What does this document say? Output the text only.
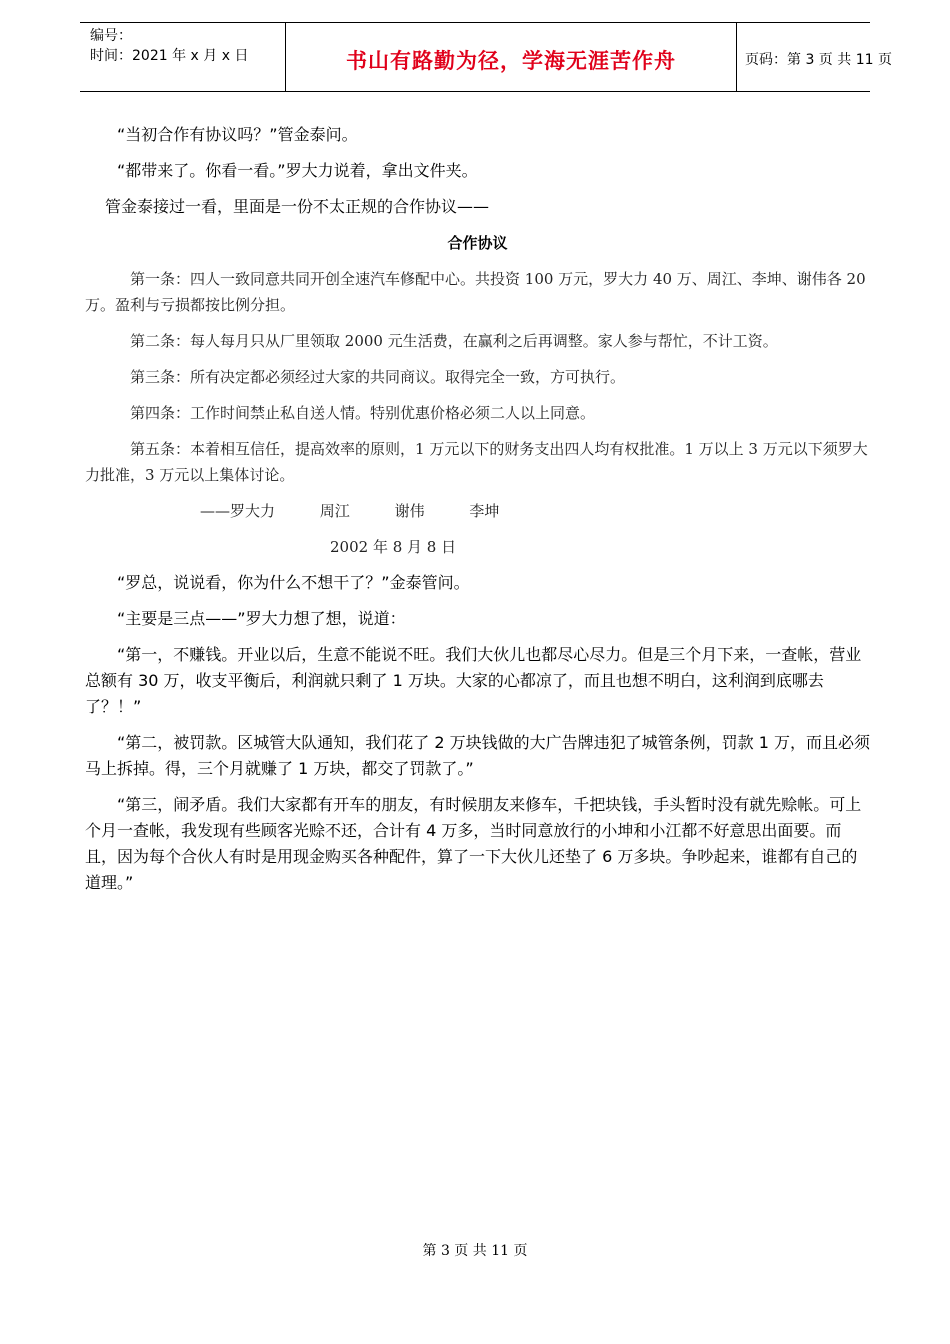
编号：
时间：2021 年 x 月 x 日	书山有路勤为径，学海无涯苦作舟	页码：第 3 页 共 11 页

“当初合作有协议吗？”管金泰问。

“都带来了。你看一看。”罗大力说着，拿出文件夹。

管金泰接过一看，里面是一份不太正规的合作协议——

合作协议

第一条：四人一致同意共同开创全速汽车修配中心。共投资 100 万元，罗大力 40 万、周江、李坤、谢伟各 20 万。盈利与亏损都按比例分担。

第二条：每人每月只从厂里领取 2000 元生活费，在赢利之后再调整。家人参与帮忙，不计工资。

第三条：所有决定都必须经过大家的共同商议。取得完全一致，方可执行。

第四条：工作时间禁止私自送人情。特别优惠价格必须二人以上同意。

第五条：本着相互信任，提高效率的原则，1 万元以下的财务支出四人均有权批准。1 万以上 3 万元以下须罗大力批准，3 万元以上集体讨论。

——罗大力	周江	谢伟	李坤

2002 年 8 月 8 日

“罗总，说说看，你为什么不想干了？”金泰管问。

“主要是三点——”罗大力想了想，说道：

“第一，不赚钱。开业以后，生意不能说不旺。我们大伙儿也都尽心尽力。但是三个月下来，一查帐，营业总额有 30 万，收支平衡后，利润就只剩了 1 万块。大家的心都凉了，而且也想不明白，这利润到底哪去了？！”

“第二，被罚款。区城管大队通知，我们花了 2 万块钱做的大广告牌违犯了城管条例，罚款 1 万，而且必须马上拆掉。得，三个月就赚了 1 万块，都交了罚款了。”

“第三，闹矛盾。我们大家都有开车的朋友，有时候朋友来修车，千把块钱，手头暂时没有就先赊帐。可上个月一查帐，我发现有些顾客光赊不还，合计有 4 万多，当时同意放行的小坤和小江都不好意思出面要。而且，因为每个合伙人有时是用现金购买各种配件，算了一下大伙儿还垫了 6 万多块。争吵起来，谁都有自己的道理。”

第 3 页 共 11 页
